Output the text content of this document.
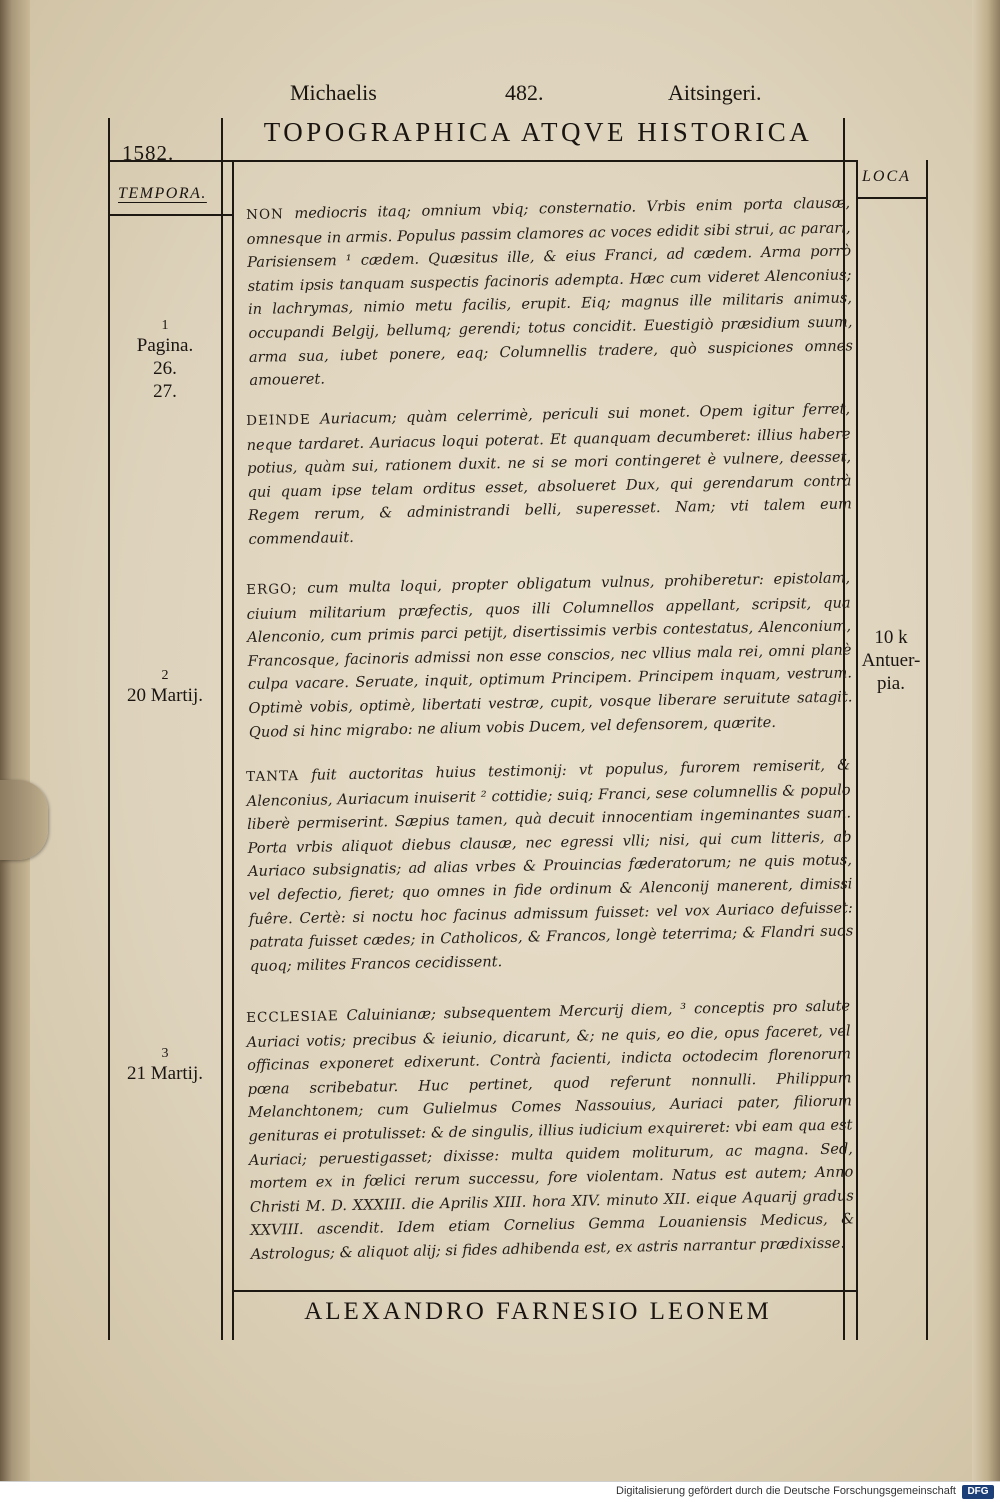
Michaelis	482.	Aitsingeri.
1582.
TEMPORA.
LOCA
TOPOGRAPHICA ATQVE HISTORICA
NON mediocris itaq; omnium vbiq; consternatio. Vrbis enim porta clausæ, omnesque in armis. Populus passim clamores ac voces edidit sibi strui, ac parari, Parisiensem ¹ cædem. Quæsitus ille, & eius Franci, ad cædem. Arma porrò statim ipsis tanquam suspectis facinoris adempta. Hæc cum videret Alenconius; in lachrymas, nimio metu facilis, erupit. Eiq; magnus ille militaris animus, occupandi Belgij, bellumq; gerendi; totus concidit. Euestigiò præsidium suum, arma sua, iubet ponere, eaq; Columnellis tradere, quò suspiciones omnes amoueret.
DEINDE Auriacum; quàm celerrimè, periculi sui monet. Opem igitur ferret, neque tardaret. Auriacus loqui poterat. Et quanquam decumberet: illius habere potius, quàm sui, rationem duxit. ne si se mori contingeret è vulnere, deesset, qui quam ipse telam orditus esset, absolueret Dux, qui gerendarum contrà Regem rerum, & administrandi belli, superesset. Nam; vti talem eum commendauit.
ERGO; cum multa loqui, propter obligatum vulnus, prohiberetur: epistolam, ciuium militarium præfectis, quos illi Columnellos appellant, scripsit, qua Alenconio, cum primis parci petijt, disertissimis verbis contestatus, Alenconium, Francosque, facinoris admissi non esse conscios, nec vllius mala rei, omni planè culpa vacare. Seruate, inquit, optimum Principem. Principem inquam, vestrum. Optimè vobis, optimè, libertati vestræ, cupit, vosque liberare seruitute satagit. Quod si hinc migrabo: ne alium vobis Ducem, vel defensorem, quærite.
TANTA fuit auctoritas huius testimonij: vt populus, furorem remiserit, & Alenconius, Auriacum inuiserit ² cottidie; suiq; Franci, sese columnellis & populo liberè permiserint. Sæpius tamen, quà decuit innocentiam ingeminantes suam. Porta vrbis aliquot diebus clausæ, nec egressi vlli; nisi, qui cum litteris, ab Auriaco subsignatis; ad alias vrbes & Prouincias fæderatorum; ne quis motus, vel defectio, fieret; quo omnes in fide ordinum & Alenconij manerent, dimissi fuêre. Certè: si noctu hoc facinus admissum fuisset: vel vox Auriaco defuisset: patrata fuisset cædes; in Catholicos, & Francos, longè teterrima; & Flandri suos quoq; milites Francos cecidissent.
ECCLESIAE Caluinianæ; subsequentem Mercurij diem, ³ conceptis pro salute Auriaci votis; precibus & ieiunio, dicarunt, &; ne quis, eo die, opus faceret, vel officinas exponeret edixerunt. Contrà facienti, indicta octodecim florenorum pœna scribebatur. Huc pertinet, quod referunt nonnulli. Philippum Melanchtonem; cum Gulielmus Comes Nassouius, Auriaci pater, filiorum genituras ei protulisset: & de singulis, illius iudicium exquireret: vbi eam qua est Auriaci; peruestigasset; dixisse: multa quidem moliturum, ac magna. Sed, mortem ex in fœlici rerum successu, fore violentam. Natus est autem; Anno Christi M. D. XXXIII. die Aprilis XIII. hora XIV. minuto XII. eique Aquarij gradus XXVIII. ascendit. Idem etiam Cornelius Gemma Louaniensis Medicus, & Astrologus; & aliquot alij; si fides adhibenda est, ex astris narrantur prædixisse.
1
Pagina.
26.
27.
2
20 Martij.
3
21 Martij.
10 k
Antuer-
pia.
ALEXANDRO FARNESIO LEONEM
Digitalisierung gefördert durch die Deutsche Forschungsgemeinschaft	DFG
